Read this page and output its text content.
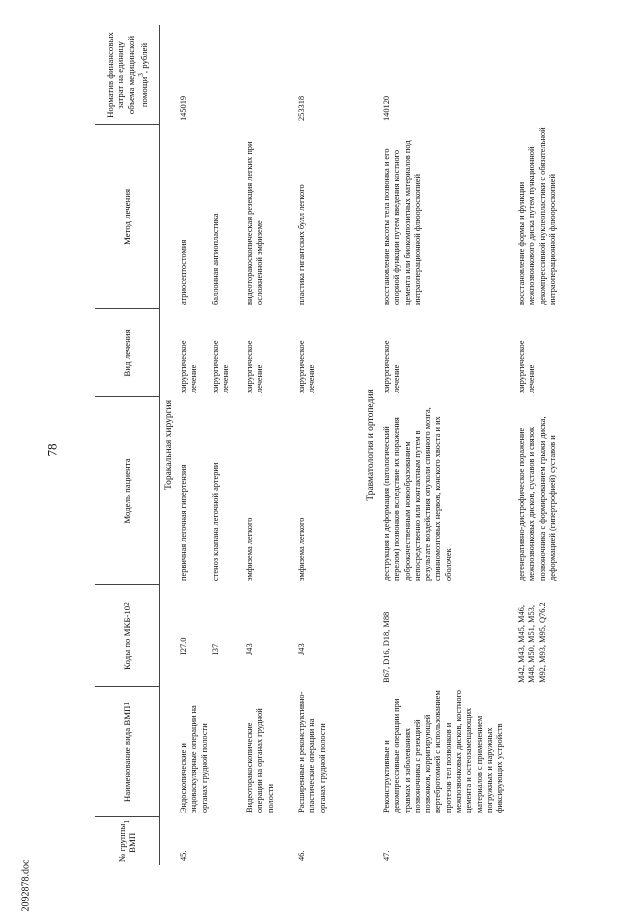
78
2092878.doc
№ группы ВМП
1
Наименование вида ВМП
1
Коды по МКБ-10
2
Модель пациента
Вид лечения
Метод лечения
Норматив финансовых затрат на единицу объема медицинской помощи$^3$, рублей
Торакальная хирургия
45.
Эндоскопические и эндоваскулярные операции на органах грудной полости
I27.0
первичная легочная гипертензия
хирургическое лечение
атриосептостомия
145019
I37
стеноз клапана легочной артерии
хирургическое лечение
баллонная ангиопластика
Видеоторакоскопические операции на органах грудной полости
J43
эмфизема легкого
хирургическое лечение
видеоторакоскопическая резекция легких при осложненной эмфиземе
46.
Расширенные и реконструктивно-пластические операции на органах грудной полости
J43
эмфизема легкого
хирургическое лечение
пластика гигантских булл легкого
253318
Травматология и ортопедия
47.
Реконструктивные и декомпрессивные операции при травмах и заболеваниях позвоночника с резекцией позвонков, корригирующей вертебротомией с использованием протезов тел позвонков и межпозвонковых дисков, костного цемента и остеозамещающих материалов с применением погружных и наружных фиксирующих устройств
B67, D16, D18, M88
деструкция и деформация (патологический перелом) позвонков вследствие их поражения доброкачественным новообразованием непосредственно или контактным путем в результате воздействия опухоли спинного мозга, спинномозговых нервов, конского хвоста и их оболочек
хирургическое лечение
восстановление высоты тела позвонка и его опорной функции путем введения костного цемента или биокомпозитных материалов под интраоперационной флюороскопией
140120
M42, M43, M45, M46, M48, M50, M51, M53, M92, M93, M95, Q76.2
дегенеративно-дистрофическое поражение межпозвонковых дисков, суставов и связок позвоночника с формированием грыжи диска, деформацией (гипертрофией) суставов и
хирургическое лечение
восстановление формы и функции межпозвонкового диска путем пункционной декомпрессивной нуклеопластики с обязательной интраоперационной флюороскопией
